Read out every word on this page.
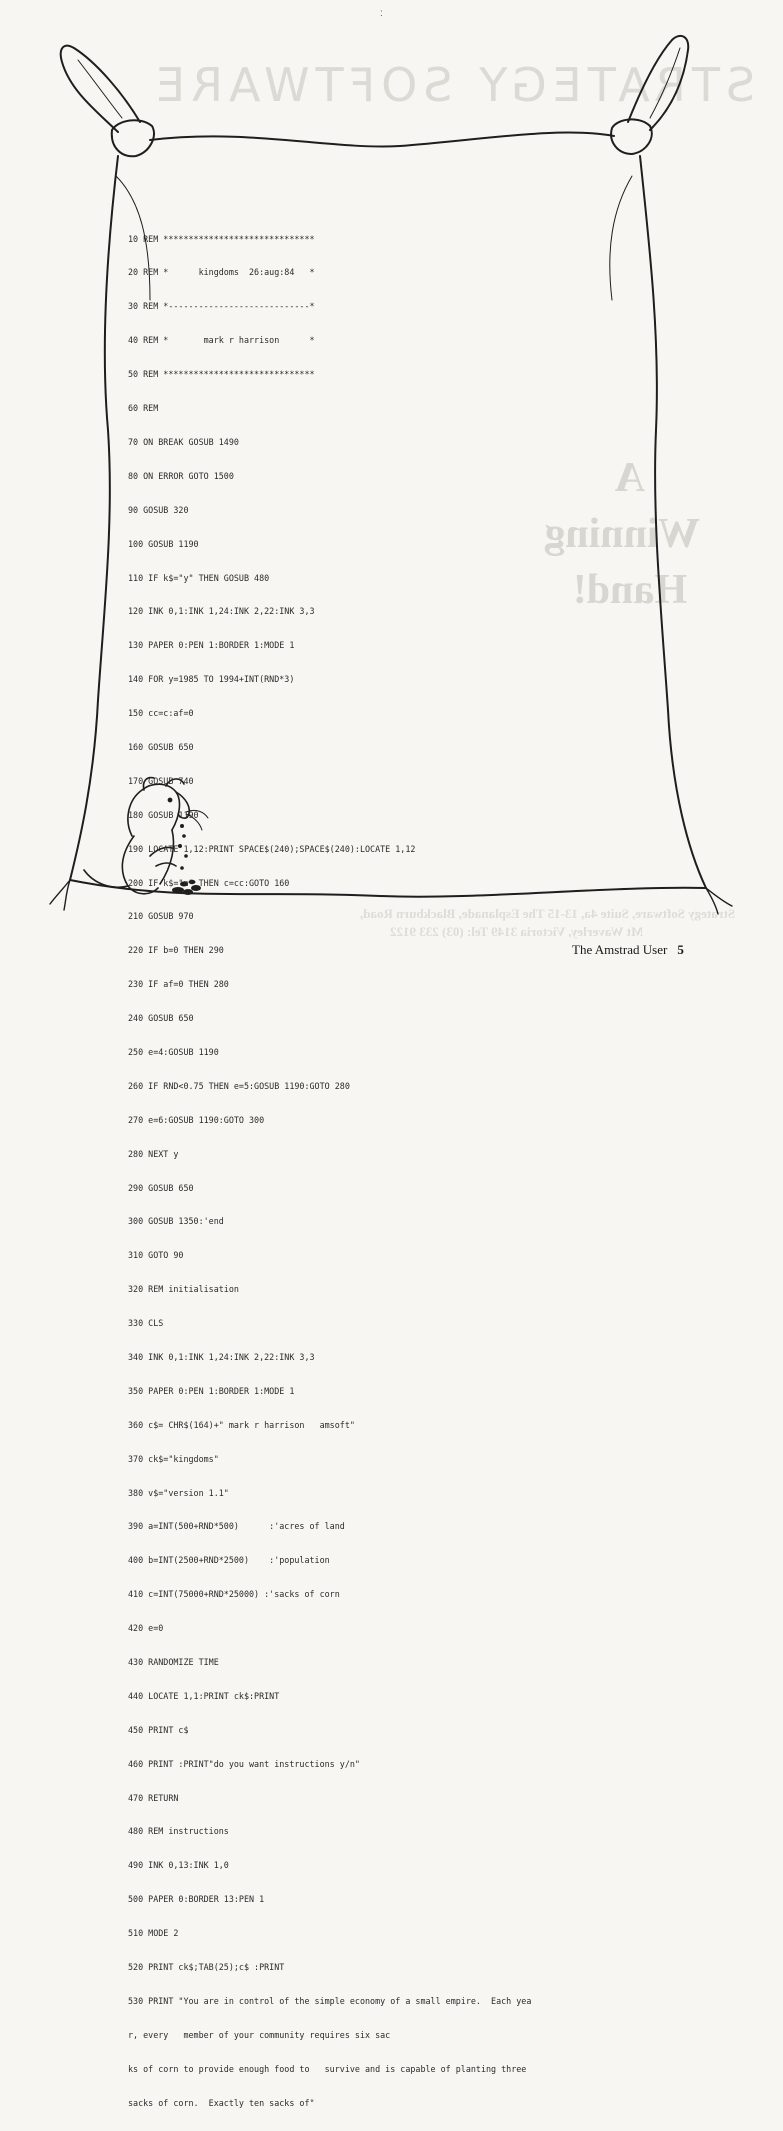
:
STRATEGY SOFTWARE
A
Winning
Hand!
Strategy Software, Suite 4a, 13-15 The Esplanade, Blackburn Road,
Mt Waverley, Victoria 3149 Tel: (03) 233 9122

10 REM ******************************

20 REM *      kingdoms  26:aug:84   *

30 REM *----------------------------*

40 REM *       mark r harrison      *

50 REM ******************************

60 REM

70 ON BREAK GOSUB 1490

80 ON ERROR GOTO 1500

90 GOSUB 320

100 GOSUB 1190

110 IF k$="y" THEN GOSUB 480

120 INK 0,1:INK 1,24:INK 2,22:INK 3,3

130 PAPER 0:PEN 1:BORDER 1:MODE 1

140 FOR y=1985 TO 1994+INT(RND*3)

150 cc=c:af=0

160 GOSUB 650

170 GOSUB 740

180 GOSUB 1190

190 LOCATE 1,12:PRINT SPACE$(240);SPACE$(240):LOCATE 1,12

200 IF k$="n" THEN c=cc:GOTO 160

210 GOSUB 970

220 IF b=0 THEN 290

230 IF af=0 THEN 280

240 GOSUB 650

250 e=4:GOSUB 1190

260 IF RND<0.75 THEN e=5:GOSUB 1190:GOTO 280

270 e=6:GOSUB 1190:GOTO 300

280 NEXT y

290 GOSUB 650

300 GOSUB 1350:'end

310 GOTO 90

320 REM initialisation

330 CLS

340 INK 0,1:INK 1,24:INK 2,22:INK 3,3

350 PAPER 0:PEN 1:BORDER 1:MODE 1

360 c$= CHR$(164)+" mark r harrison   amsoft"

370 ck$="kingdoms"

380 v$="version 1.1"

390 a=INT(500+RND*500)      :'acres of land

400 b=INT(2500+RND*2500)    :'population

410 c=INT(75000+RND*25000) :'sacks of corn

420 e=0

430 RANDOMIZE TIME

440 LOCATE 1,1:PRINT ck$:PRINT

450 PRINT c$

460 PRINT :PRINT"do you want instructions y/n"

470 RETURN

480 REM instructions

490 INK 0,13:INK 1,0

500 PAPER 0:BORDER 13:PEN 1

510 MODE 2

520 PRINT ck$;TAB(25);c$ :PRINT

530 PRINT "You are in control of the simple economy of a small empire.  Each yea

r, every   member of your community requires six sac

ks of corn to provide enough food to   survive and is capable of planting three

sacks of corn.  Exactly ten sacks of"

The Amstrad User 5
